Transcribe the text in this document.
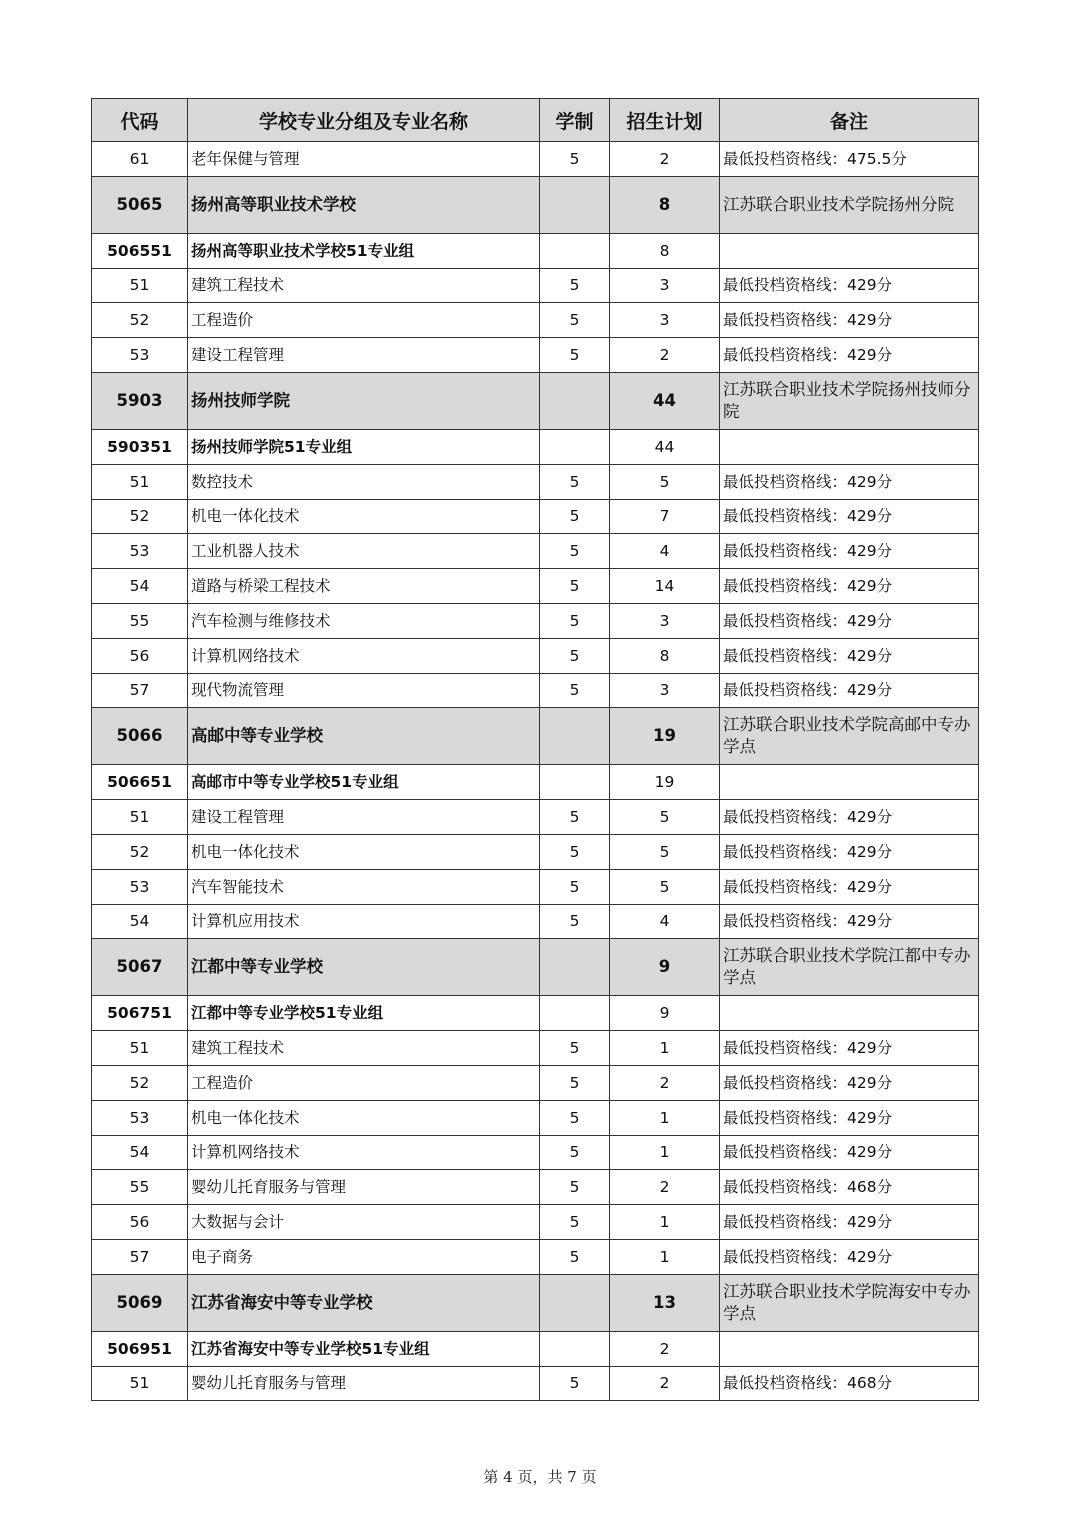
代码	学校专业分组及专业名称	学制	招生计划	备注
61	老年保健与管理	5	2	最低投档资格线：475.5分
5065	扬州高等职业技术学校		8	江苏联合职业技术学院扬州分院
506551	扬州高等职业技术学校51专业组		8	
51	建筑工程技术	5	3	最低投档资格线：429分
52	工程造价	5	3	最低投档资格线：429分
53	建设工程管理	5	2	最低投档资格线：429分
5903	扬州技师学院		44	江苏联合职业技术学院扬州技师分院
590351	扬州技师学院51专业组		44	
51	数控技术	5	5	最低投档资格线：429分
52	机电一体化技术	5	7	最低投档资格线：429分
53	工业机器人技术	5	4	最低投档资格线：429分
54	道路与桥梁工程技术	5	14	最低投档资格线：429分
55	汽车检测与维修技术	5	3	最低投档资格线：429分
56	计算机网络技术	5	8	最低投档资格线：429分
57	现代物流管理	5	3	最低投档资格线：429分
5066	高邮中等专业学校		19	江苏联合职业技术学院高邮中专办学点
506651	高邮市中等专业学校51专业组		19	
51	建设工程管理	5	5	最低投档资格线：429分
52	机电一体化技术	5	5	最低投档资格线：429分
53	汽车智能技术	5	5	最低投档资格线：429分
54	计算机应用技术	5	4	最低投档资格线：429分
5067	江都中等专业学校		9	江苏联合职业技术学院江都中专办学点
506751	江都中等专业学校51专业组		9	
51	建筑工程技术	5	1	最低投档资格线：429分
52	工程造价	5	2	最低投档资格线：429分
53	机电一体化技术	5	1	最低投档资格线：429分
54	计算机网络技术	5	1	最低投档资格线：429分
55	婴幼儿托育服务与管理	5	2	最低投档资格线：468分
56	大数据与会计	5	1	最低投档资格线：429分
57	电子商务	5	1	最低投档资格线：429分
5069	江苏省海安中等专业学校		13	江苏联合职业技术学院海安中专办学点
506951	江苏省海安中等专业学校51专业组		2	
51	婴幼儿托育服务与管理	5	2	最低投档资格线：468分
第 4 页，共 7 页
